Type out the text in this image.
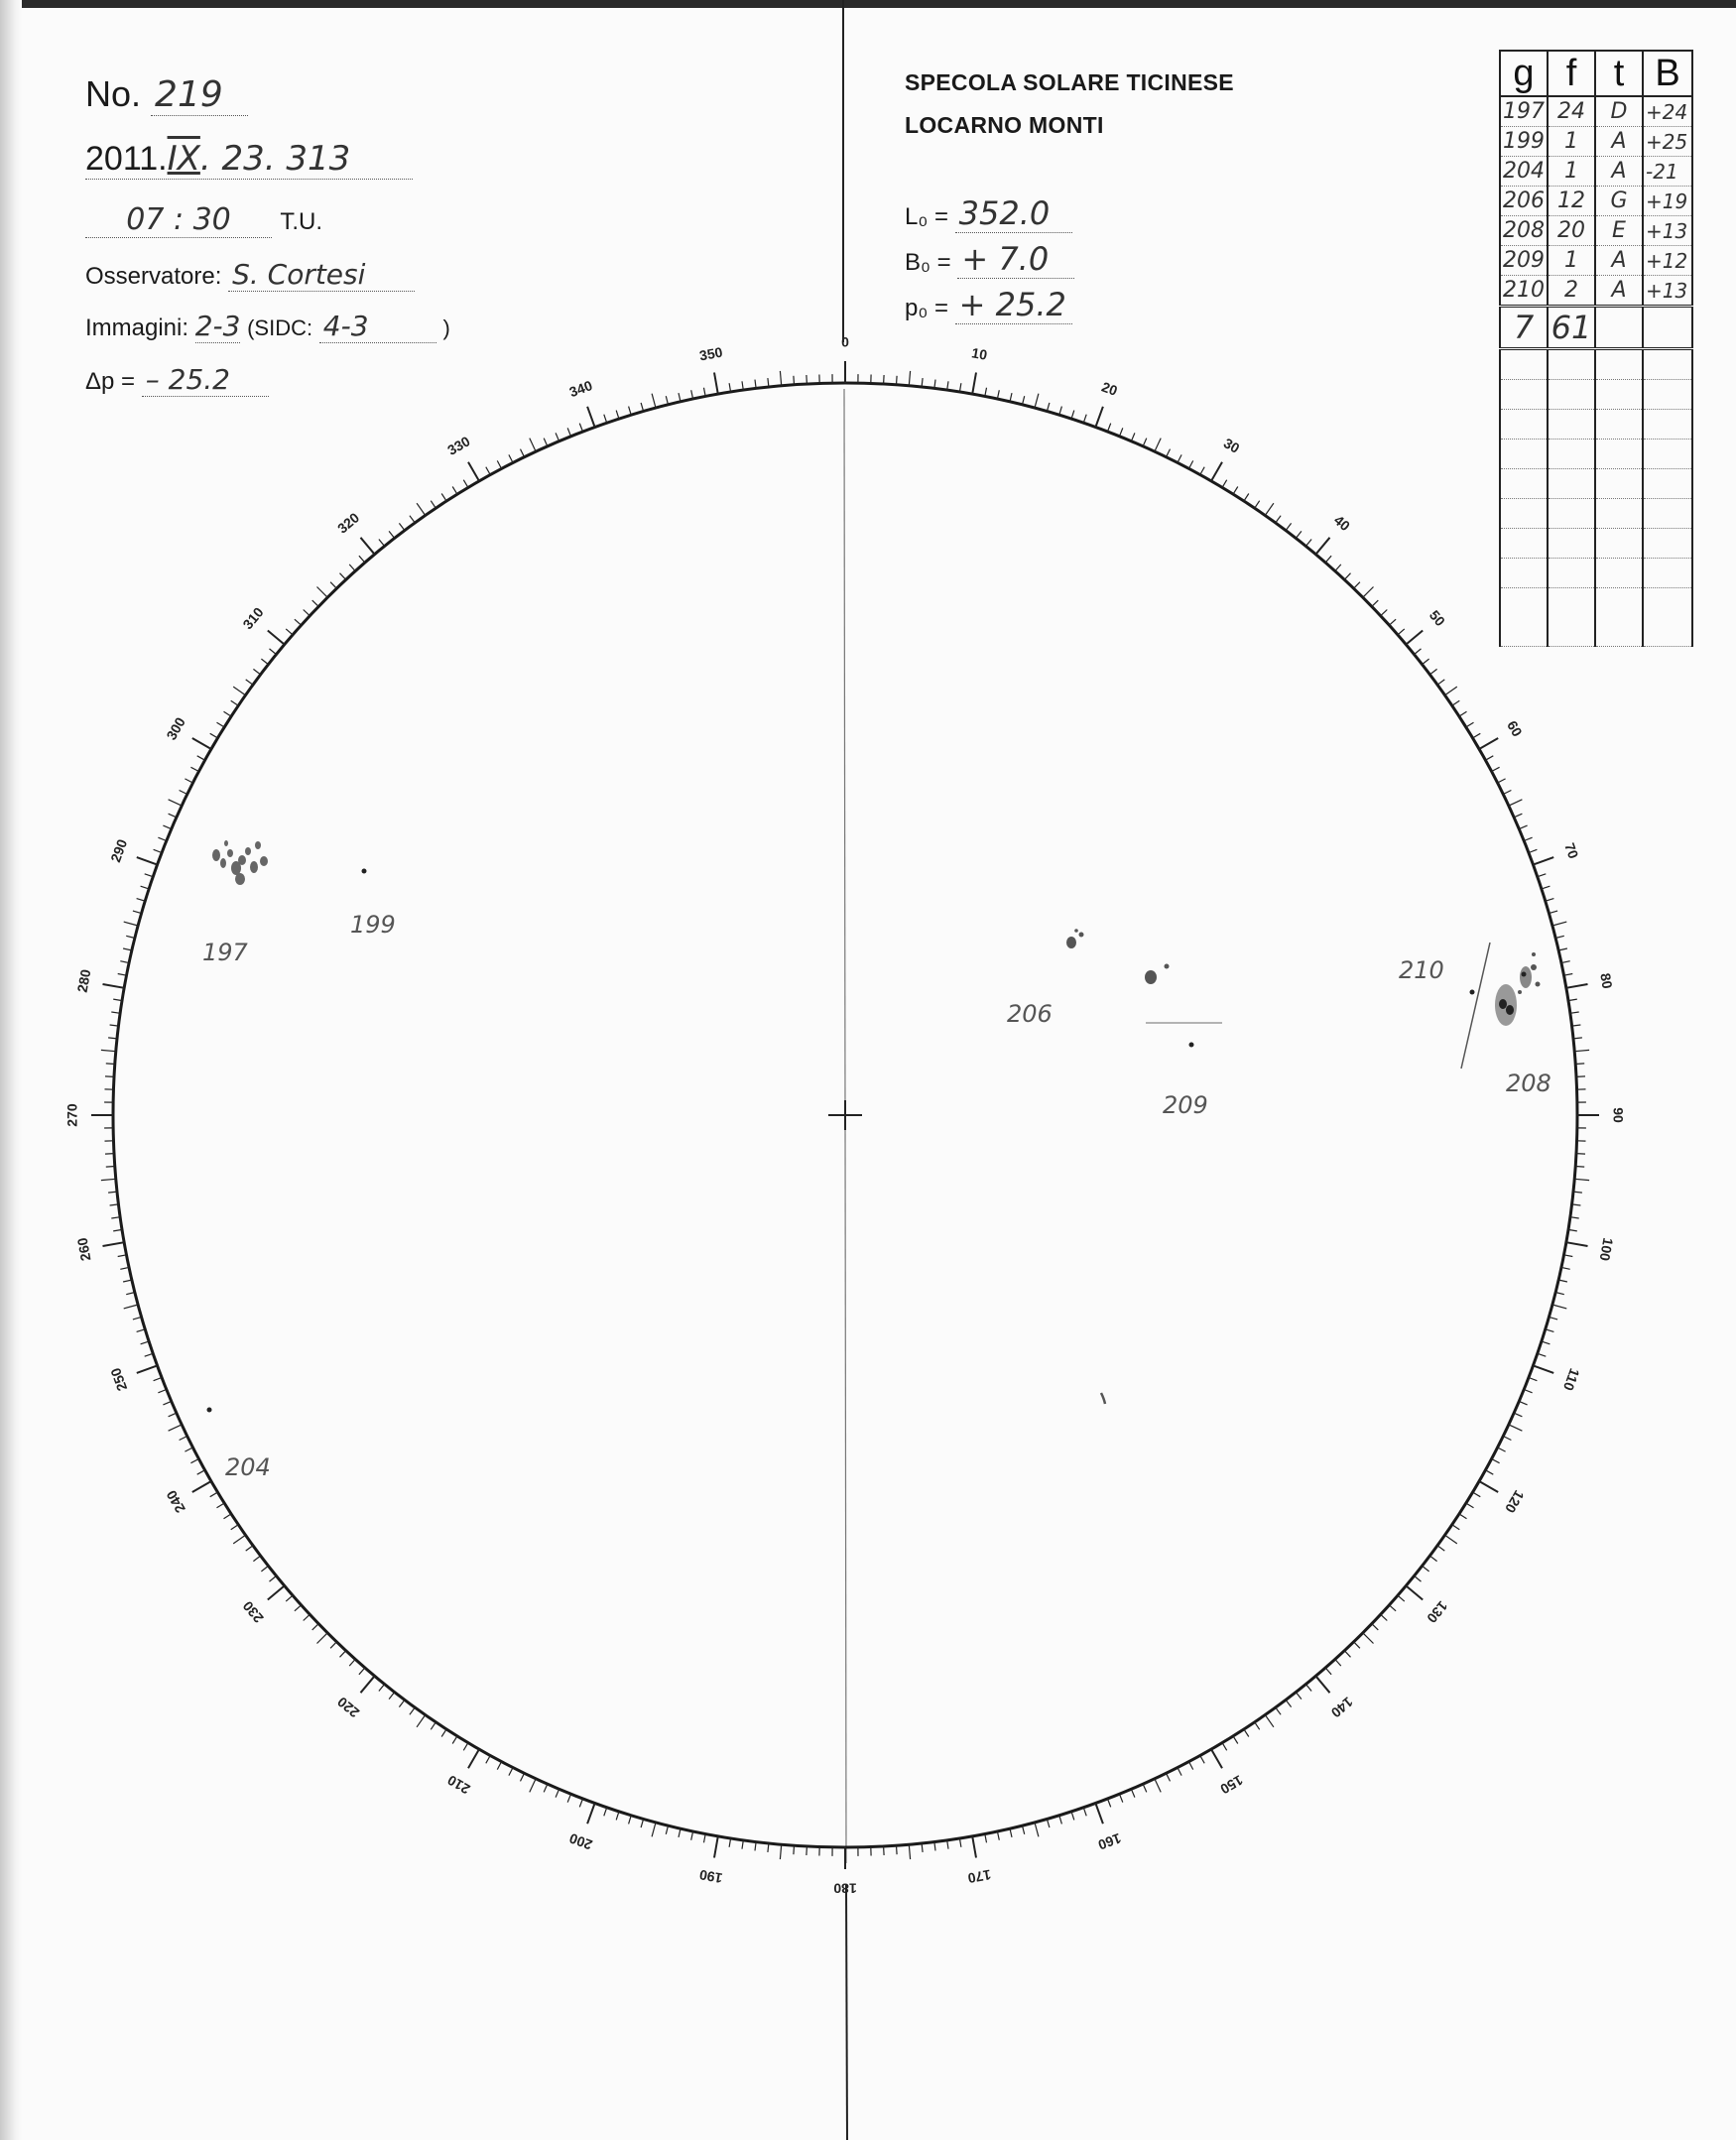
No. 219
2011.IX. 23. 313
07 : 30 T.U.
Osservatore: S. Cortesi
Immagini: 2-3 (SIDC: 4-3	)
Δp = – 25.2
SPECOLA SOLARE TICINESE
LOCARNO MONTI
L₀ = 352.0
B₀ = + 7.0
p₀ = + 25.2
g	f	t	B
197	24	D	+24
199	1	A	+25
204	1	A	-21
206	12	G	+19
208	20	E	+13
209	1	A	+12
210	2	A	+13
7	61		

0
10
20
30
40
50
60
70
80
90
100
110
120
130
140
150
160
170
180
190
200
210
220
230
240
250
260
270
280
290
300
310
320
330
340
350
197
199
204
206
209
210
208
